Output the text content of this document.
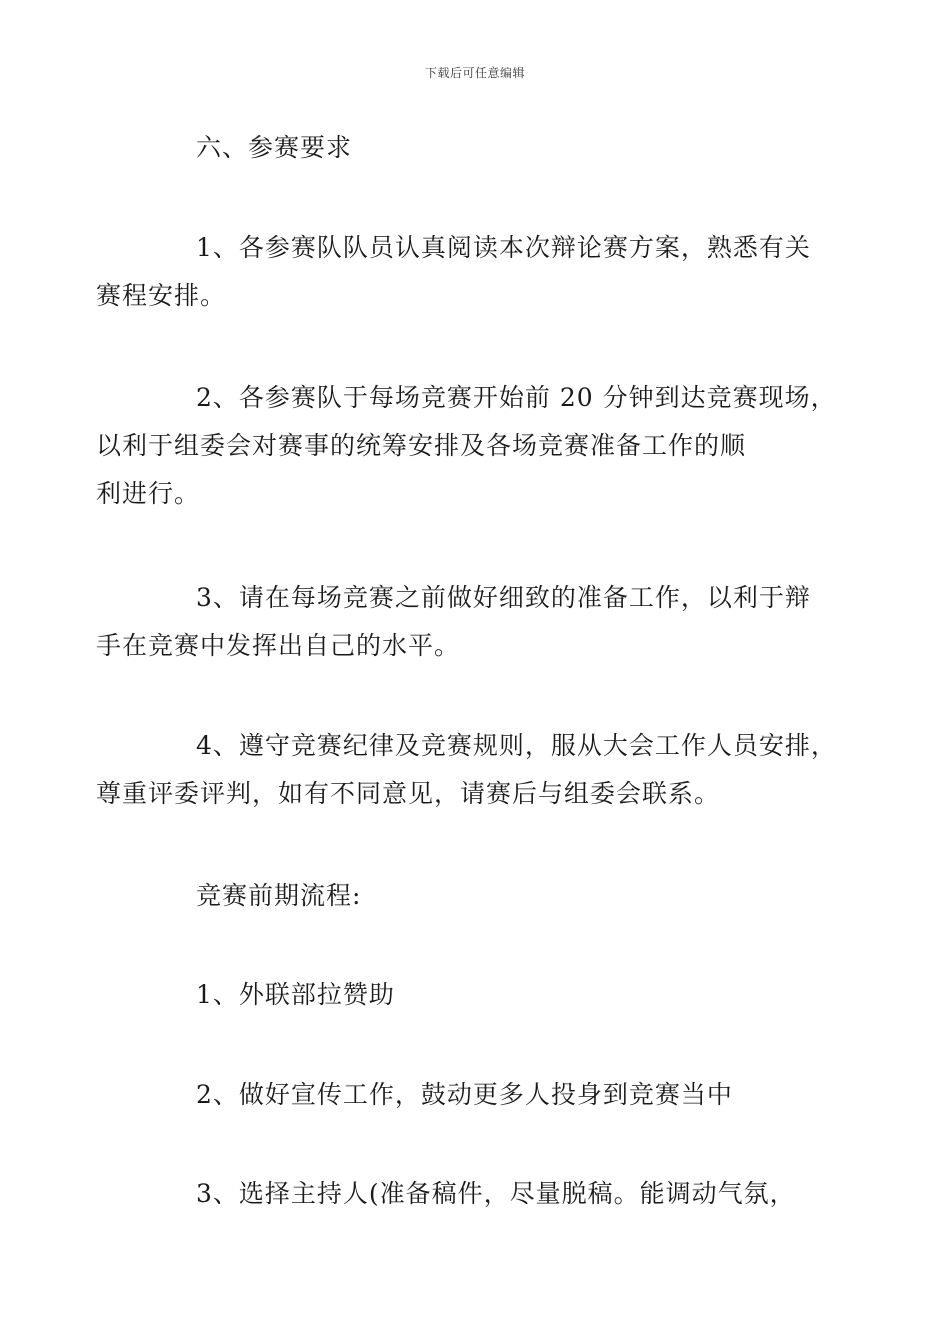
下载后可任意编辑

六、参赛要求

1、各参赛队队员认真阅读本次辩论赛方案，熟悉有关
赛程安排。

2、各参赛队于每场竞赛开始前 20 分钟到达竞赛现场，
以利于组委会对赛事的统筹安排及各场竞赛准备工作的顺
利进行。

3、请在每场竞赛之前做好细致的准备工作，以利于辩
手在竞赛中发挥出自己的水平。

4、遵守竞赛纪律及竞赛规则，服从大会工作人员安排，
尊重评委评判，如有不同意见，请赛后与组委会联系。

竞赛前期流程:

1、外联部拉赞助

2、做好宣传工作，鼓动更多人投身到竞赛当中

3、选择主持人(准备稿件，尽量脱稿。能调动气氛，
